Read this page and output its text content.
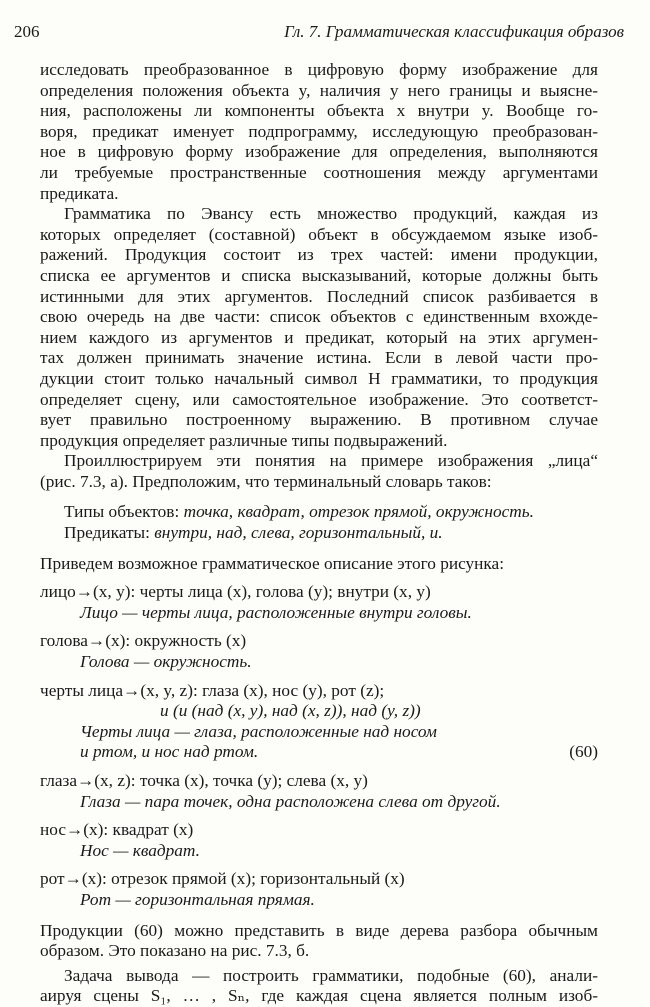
206	Гл. 7. Грамматическая классификация образов

исследовать преобразованное в цифровую форму изображение для

определения положения объекта y, наличия у него границы и выясне-

ния, расположены ли компоненты объекта x внутри y. Вообще го-

воря, предикат именует подпрограмму, исследующую преобразован-

ное в цифровую форму изображение для определения, выполняются

ли требуемые пространственные соотношения между аргументами

предиката.

Грамматика по Эвансу есть множество продукций, каждая из

которых определяет (составной) объект в обсуждаемом языке изоб-

ражений. Продукция состоит из трех частей: имени продукции,

списка ее аргументов и списка высказываний, которые должны быть

истинными для этих аргументов. Последний список разбивается в

свою очередь на две части: список объектов с единственным вхожде-

нием каждого из аргументов и предикат, который на этих аргумен-

тах должен принимать значение истина. Если в левой части про-

дукции стоит только начальный символ H грамматики, то продукция

определяет сцену, или самостоятельное изображение. Это соответст-

вует правильно построенному выражению. В противном случае

продукция определяет различные типы подвыражений.

Проиллюстрируем эти понятия на примере изображения „лица“

(рис. 7.3, а). Предположим, что терминальный словарь таков:

Типы объектов: точка, квадрат, отрезок прямой, окружность.

Предикаты: внутри, над, слева, горизонтальный, и.

Приведем возможное грамматическое описание этого рисунка:

лицо→(x, y): черты лица (x), голова (y); внутри (x, y)

Лицо — черты лица, расположенные внутри головы.

голова→(x): окружность (x)

Голова — окружность.

черты лица→(x, y, z): глаза (x), нос (y), рот (z);

и (и (над (x, y), над (x, z)), над (y, z))

Черты лица — глаза, расположенные над носом

и ртом, и нос над ртом.	(60)

глаза→(x, z): точка (x), точка (y); слева (x, y)

Глаза — пара точек, одна расположена слева от другой.

нос→(x): квадрат (x)

Нос — квадрат.

рот→(x): отрезок прямой (x); горизонтальный (x)

Рот — горизонтальная прямая.

Продукции (60) можно представить в виде дерева разбора обычным

образом. Это показано на рис. 7.3, б.

Задача вывода — построить грамматики, подобные (60), анали-

аируя сцены S₁, … , Sₙ, где каждая сцена является полным изоб-
